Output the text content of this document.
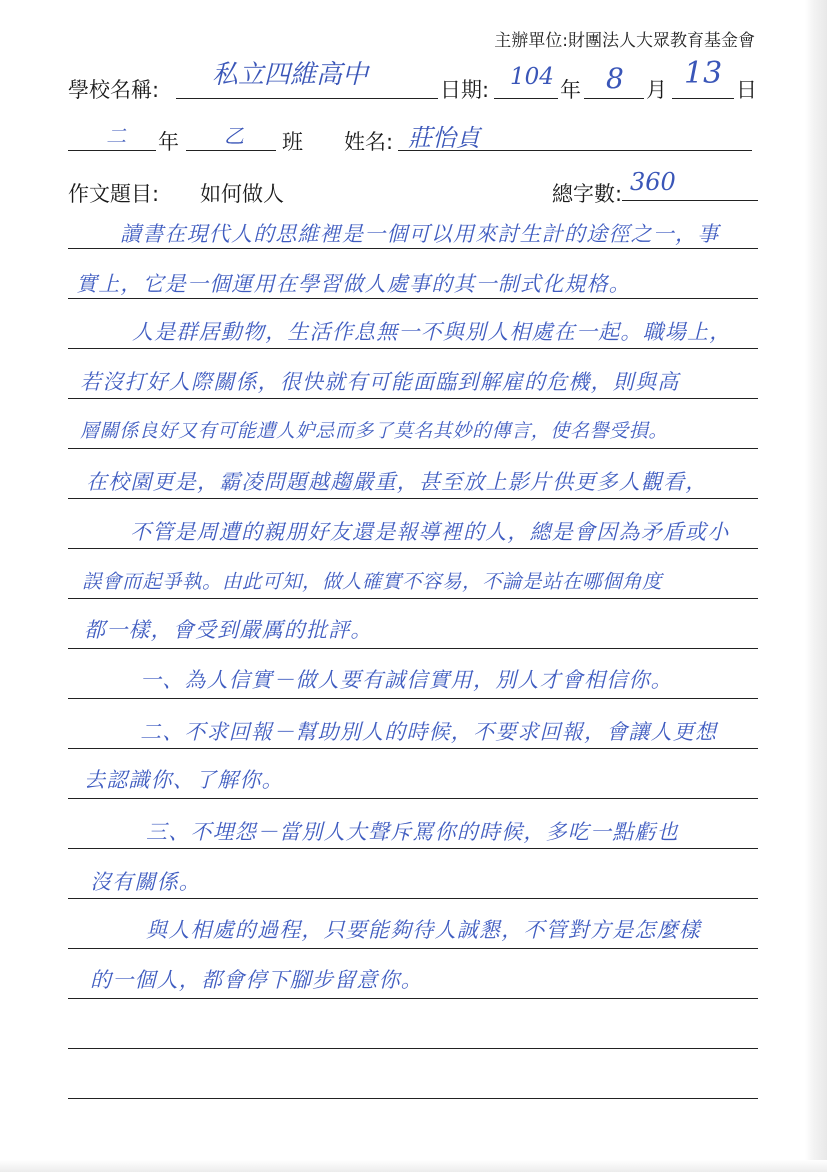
主辦單位:財團法人大眾教育基金會
學校名稱: 私立四維高中	日期: 104 年 8 月 13 日
二 年 乙 班 姓名: 莊怡貞
作文題目: 如何做人	總字數: 360
讀書在現代人的思維裡是一個可以用來討生計的途徑之一，事
實上，它是一個運用在學習做人處事的其一制式化規格。
人是群居動物，生活作息無一不與別人相處在一起。職場上，
若沒打好人際關係，很快就有可能面臨到解雇的危機，則與高
層關係良好又有可能遭人妒忌而多了莫名其妙的傳言，使名譽受損。
在校園更是，霸凌問題越趨嚴重，甚至放上影片供更多人觀看，
不管是周遭的親朋好友還是報導裡的人，總是會因為矛盾或小
誤會而起爭執。由此可知，做人確實不容易，不論是站在哪個角度
都一樣，會受到嚴厲的批評。
一、為人信實－做人要有誠信實用，別人才會相信你。
二、不求回報－幫助別人的時候，不要求回報，會讓人更想
去認識你、了解你。
三、不埋怨－當別人大聲斥罵你的時候，多吃一點虧也
沒有關係。
與人相處的過程，只要能夠待人誠懇，不管對方是怎麼樣
的一個人，都會停下腳步留意你。
